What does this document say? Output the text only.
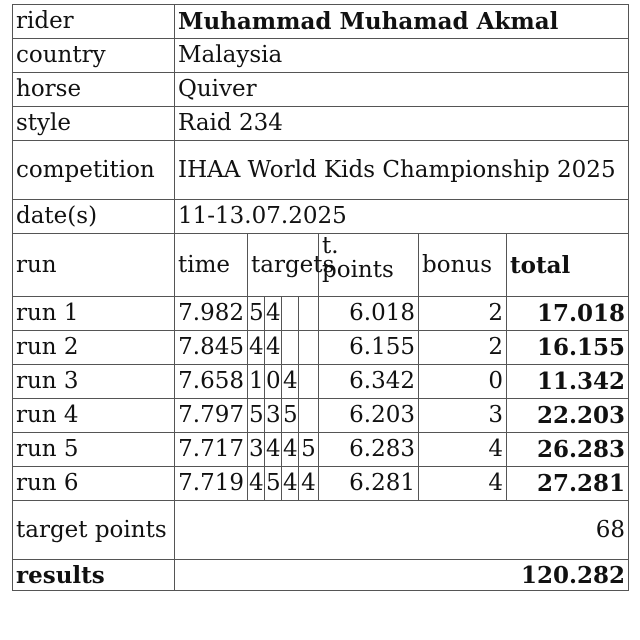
rider	Muhammad Muhamad Akmal							
country	Malaysia							
horse	Quiver							
style	Raid 234							
competition	IHAA World Kids Championship 2025							
date(s)	11-13.07.2025							
run	time	targets				t. points	bonus	total
run 1	7.982	5	4			6.018	2	17.018
run 2	7.845	4	4			6.155	2	16.155
run 3	7.658	1	0	4		6.342	0	11.342
run 4	7.797	5	3	5		6.203	3	22.203
run 5	7.717	3	4	4	5	6.283	4	26.283
run 6	7.719	4	5	4	4	6.281	4	27.281
target points	68							
results	120.282							
